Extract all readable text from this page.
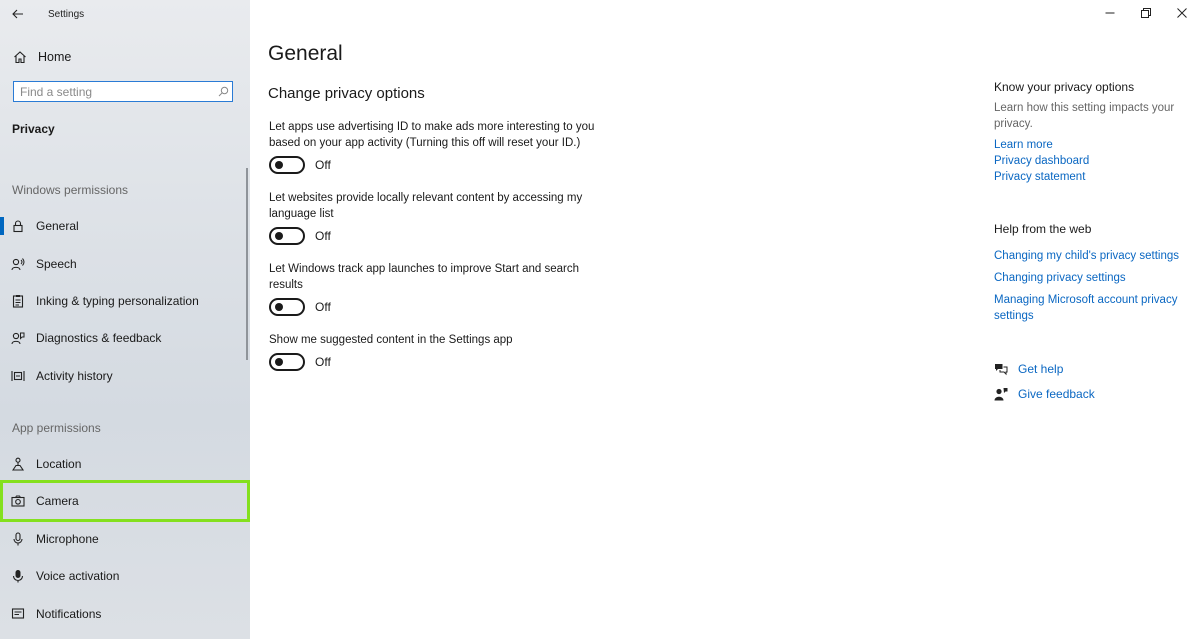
Settings
Home
Find a setting
Privacy
Windows permissions
General
Speech
Inking & typing personalization
Diagnostics & feedback
Activity history
App permissions
Location
Camera
Microphone
Voice activation
Notifications
General
Change privacy options
Let apps use advertising ID to make ads more interesting to you based on your app activity (Turning this off will reset your ID.)
Off
Let websites provide locally relevant content by accessing my language list
Off
Let Windows track app launches to improve Start and search results
Off
Show me suggested content in the Settings app
Off
Know your privacy options
Learn how this setting impacts your privacy.
Learn more
Privacy dashboard
Privacy statement
Help from the web
Changing my child's privacy settings
Changing privacy settings
Managing Microsoft account privacy settings
Get help
Give feedback
